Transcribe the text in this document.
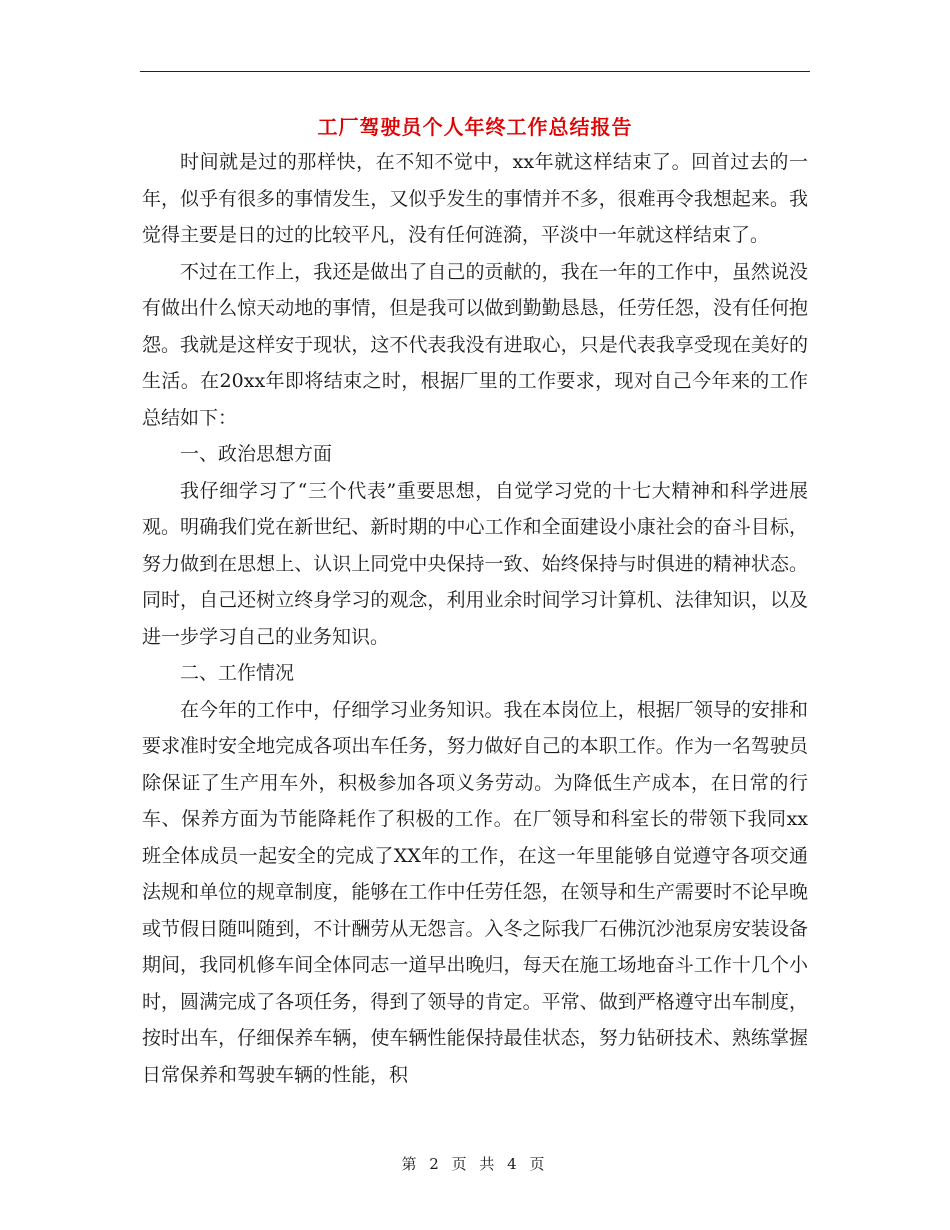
工厂驾驶员个人年终工作总结报告

时间就是过的那样快，在不知不觉中，xx年就这样结束了。回首过去的一年，似乎有很多的事情发生，又似乎发生的事情并不多，很难再令我想起来。我觉得主要是日的过的比较平凡，没有任何涟漪，平淡中一年就这样结束了。

不过在工作上，我还是做出了自己的贡献的，我在一年的工作中，虽然说没有做出什么惊天动地的事情，但是我可以做到勤勤恳恳，任劳任怨，没有任何抱怨。我就是这样安于现状，这不代表我没有进取心，只是代表我享受现在美好的生活。在20xx年即将结束之时，根据厂里的工作要求，现对自己今年来的工作总结如下：

一、政治思想方面

我仔细学习了“三个代表”重要思想，自觉学习党的十七大精神和科学进展观。明确我们党在新世纪、新时期的中心工作和全面建设小康社会的奋斗目标，努力做到在思想上、认识上同党中央保持一致、始终保持与时俱进的精神状态。同时，自己还树立终身学习的观念，利用业余时间学习计算机、法律知识，以及进一步学习自己的业务知识。

二、工作情况

在今年的工作中，仔细学习业务知识。我在本岗位上，根据厂领导的安排和要求准时安全地完成各项出车任务，努力做好自己的本职工作。作为一名驾驶员除保证了生产用车外，积极参加各项义务劳动。为降低生产成本，在日常的行车、保养方面为节能降耗作了积极的工作。在厂领导和科室长的带领下我同xx班全体成员一起安全的完成了XX年的工作，在这一年里能够自觉遵守各项交通法规和单位的规章制度，能够在工作中任劳任怨，在领导和生产需要时不论早晚或节假日随叫随到，不计酬劳从无怨言。入冬之际我厂石佛沉沙池泵房安装设备期间，我同机修车间全体同志一道早出晚归，每天在施工场地奋斗工作十几个小时，圆满完成了各项任务，得到了领导的肯定。平常、做到严格遵守出车制度，按时出车，仔细保养车辆，使车辆性能保持最佳状态，努力钻研技术、熟练掌握日常保养和驾驶车辆的性能，积

第 2 页 共 4 页
